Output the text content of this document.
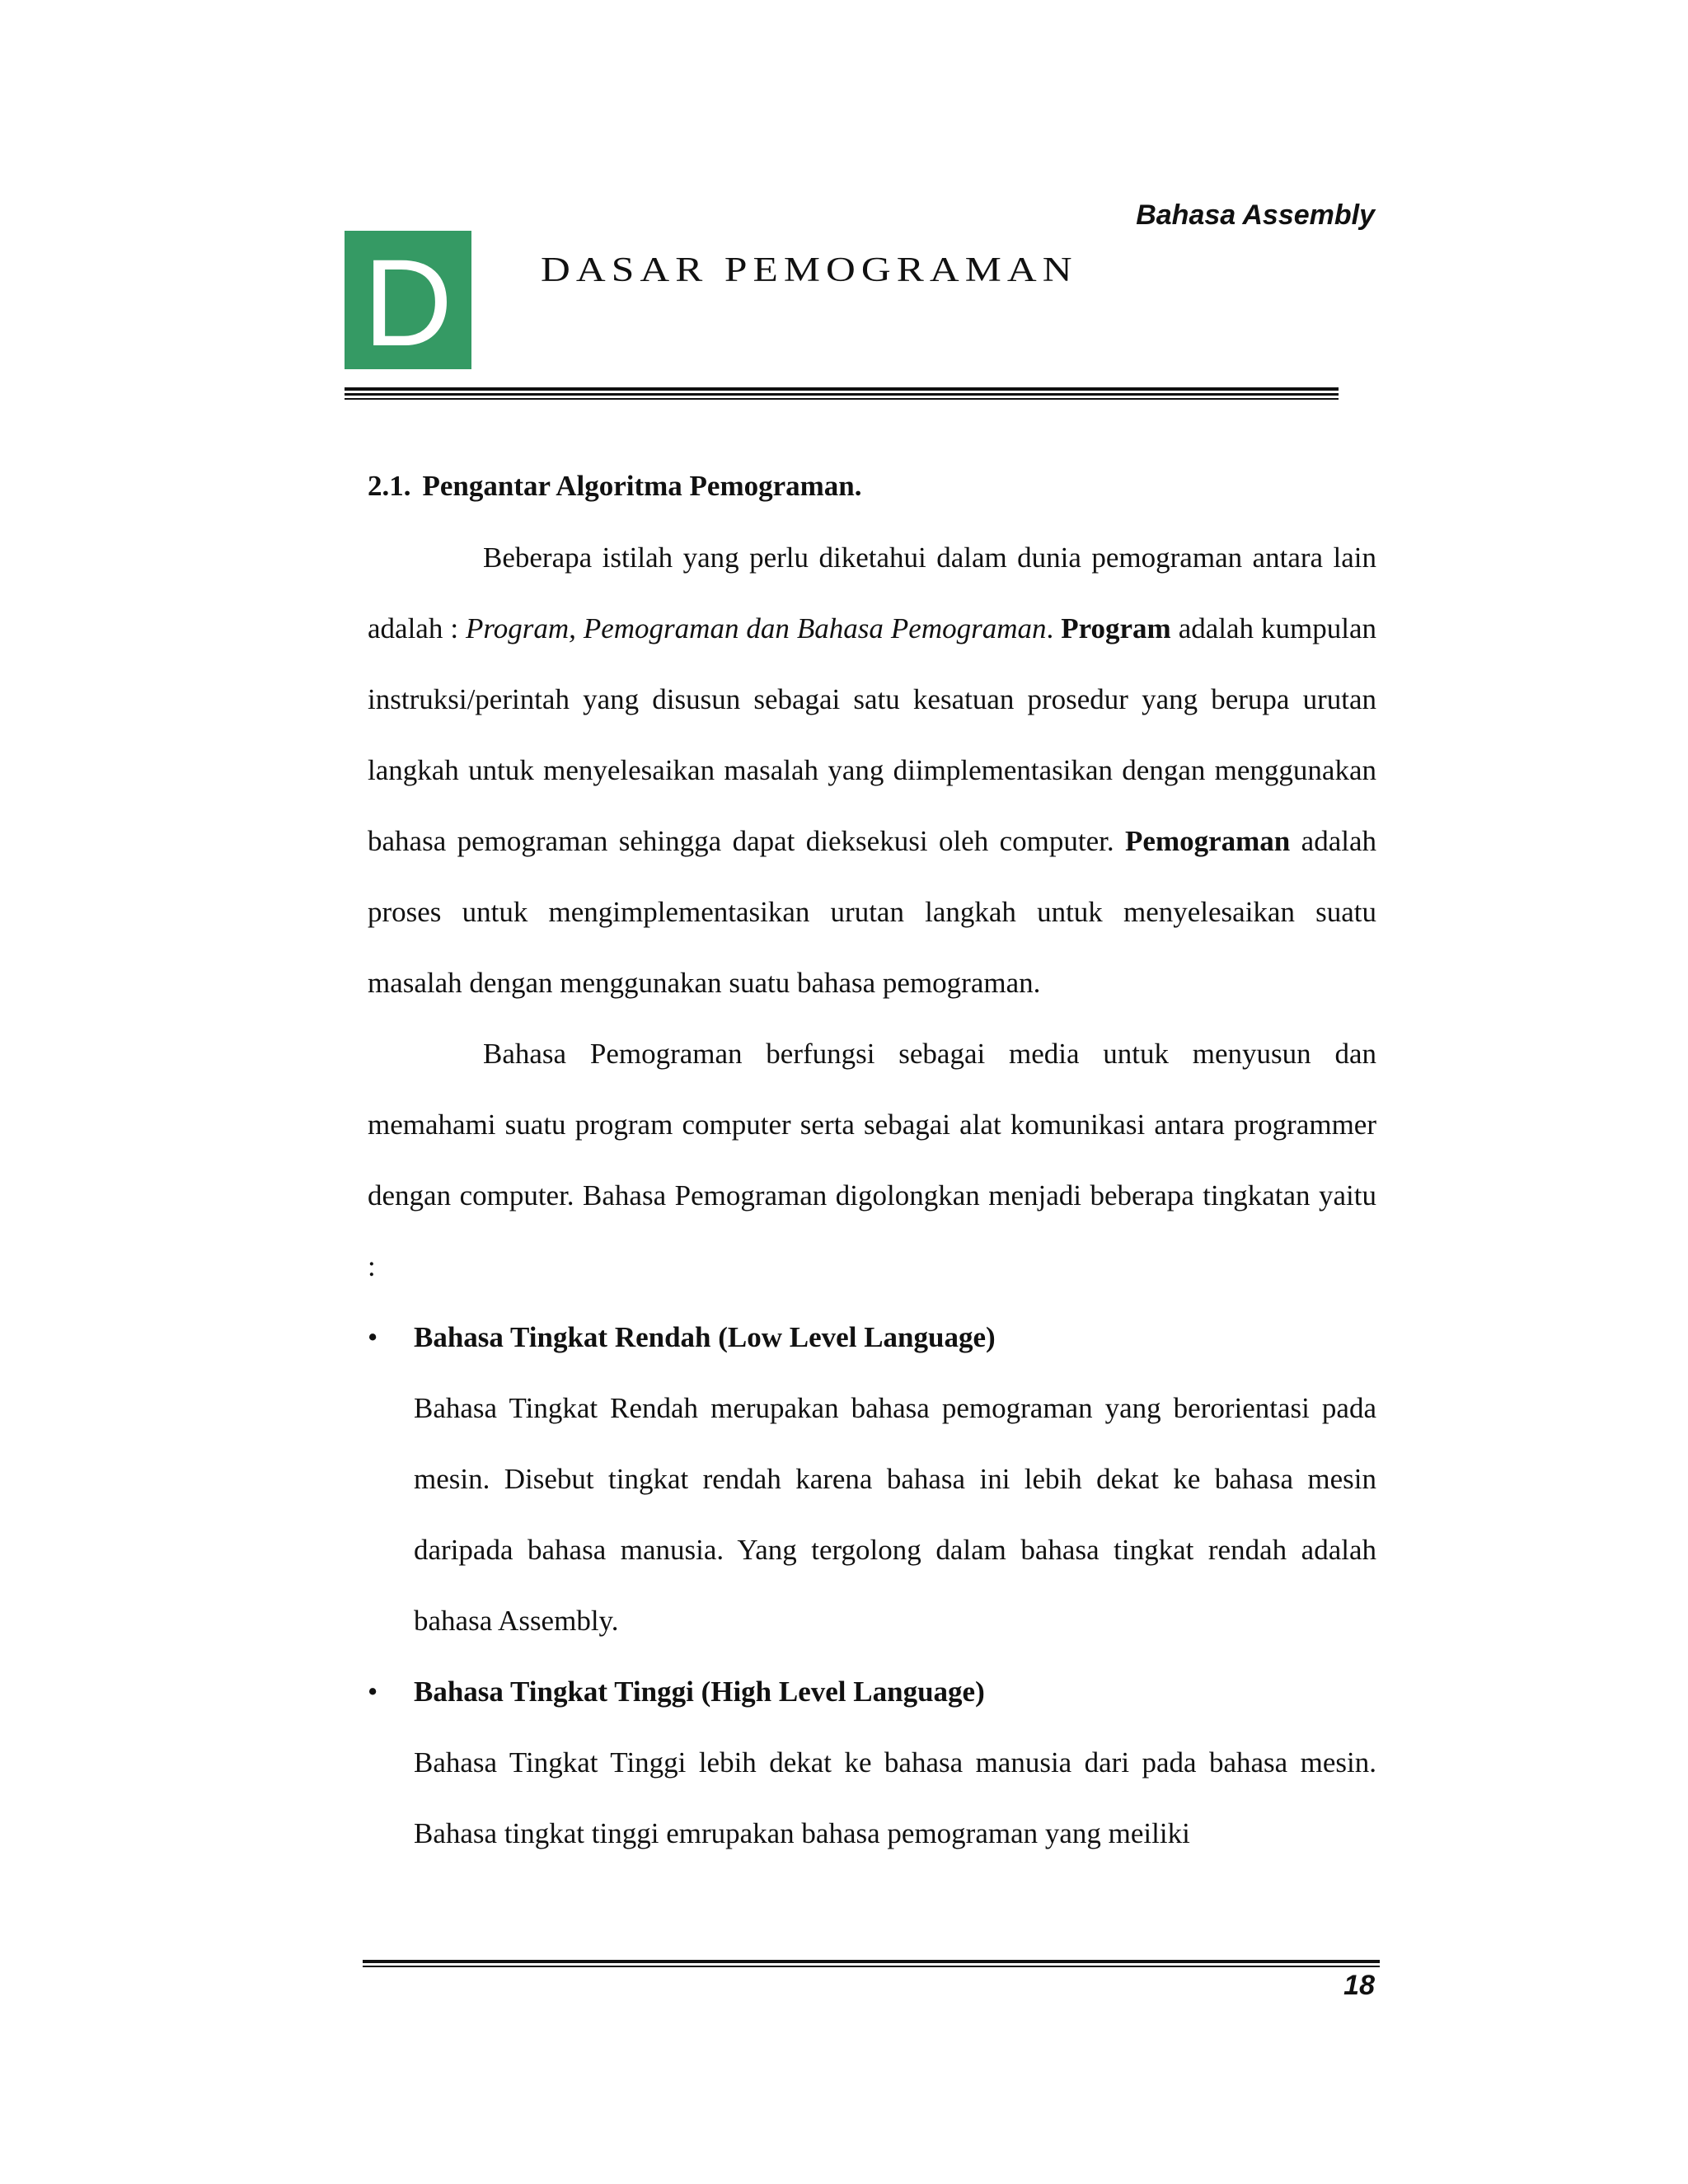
Bahasa Assembly
D	DASAR PEMOGRAMAN

2.1. Pengantar Algoritma Pemograman.

Beberapa istilah yang perlu diketahui dalam dunia pemograman antara lain adalah : Program, Pemograman dan Bahasa Pemograman. Program adalah kumpulan instruksi/perintah yang disusun sebagai satu kesatuan prosedur yang berupa urutan langkah untuk menyelesaikan masalah yang diimplementasikan dengan menggunakan bahasa pemograman sehingga dapat dieksekusi oleh computer. Pemograman adalah proses untuk mengimplementasikan urutan langkah untuk menyelesaikan suatu masalah dengan menggunakan suatu bahasa pemograman.

Bahasa Pemograman berfungsi sebagai media untuk menyusun dan memahami suatu program computer serta sebagai alat komunikasi antara programmer dengan computer. Bahasa Pemograman digolongkan menjadi beberapa tingkatan yaitu :

•	Bahasa Tingkat Rendah (Low Level Language)

Bahasa Tingkat Rendah merupakan bahasa pemograman yang berorientasi pada mesin. Disebut tingkat rendah karena bahasa ini lebih dekat ke bahasa mesin daripada bahasa manusia. Yang tergolong dalam bahasa tingkat rendah adalah bahasa Assembly.

•	Bahasa Tingkat Tinggi (High Level Language)

Bahasa Tingkat Tinggi lebih dekat ke bahasa manusia dari pada bahasa mesin. Bahasa tingkat tinggi emrupakan bahasa pemograman yang meiliki

18
